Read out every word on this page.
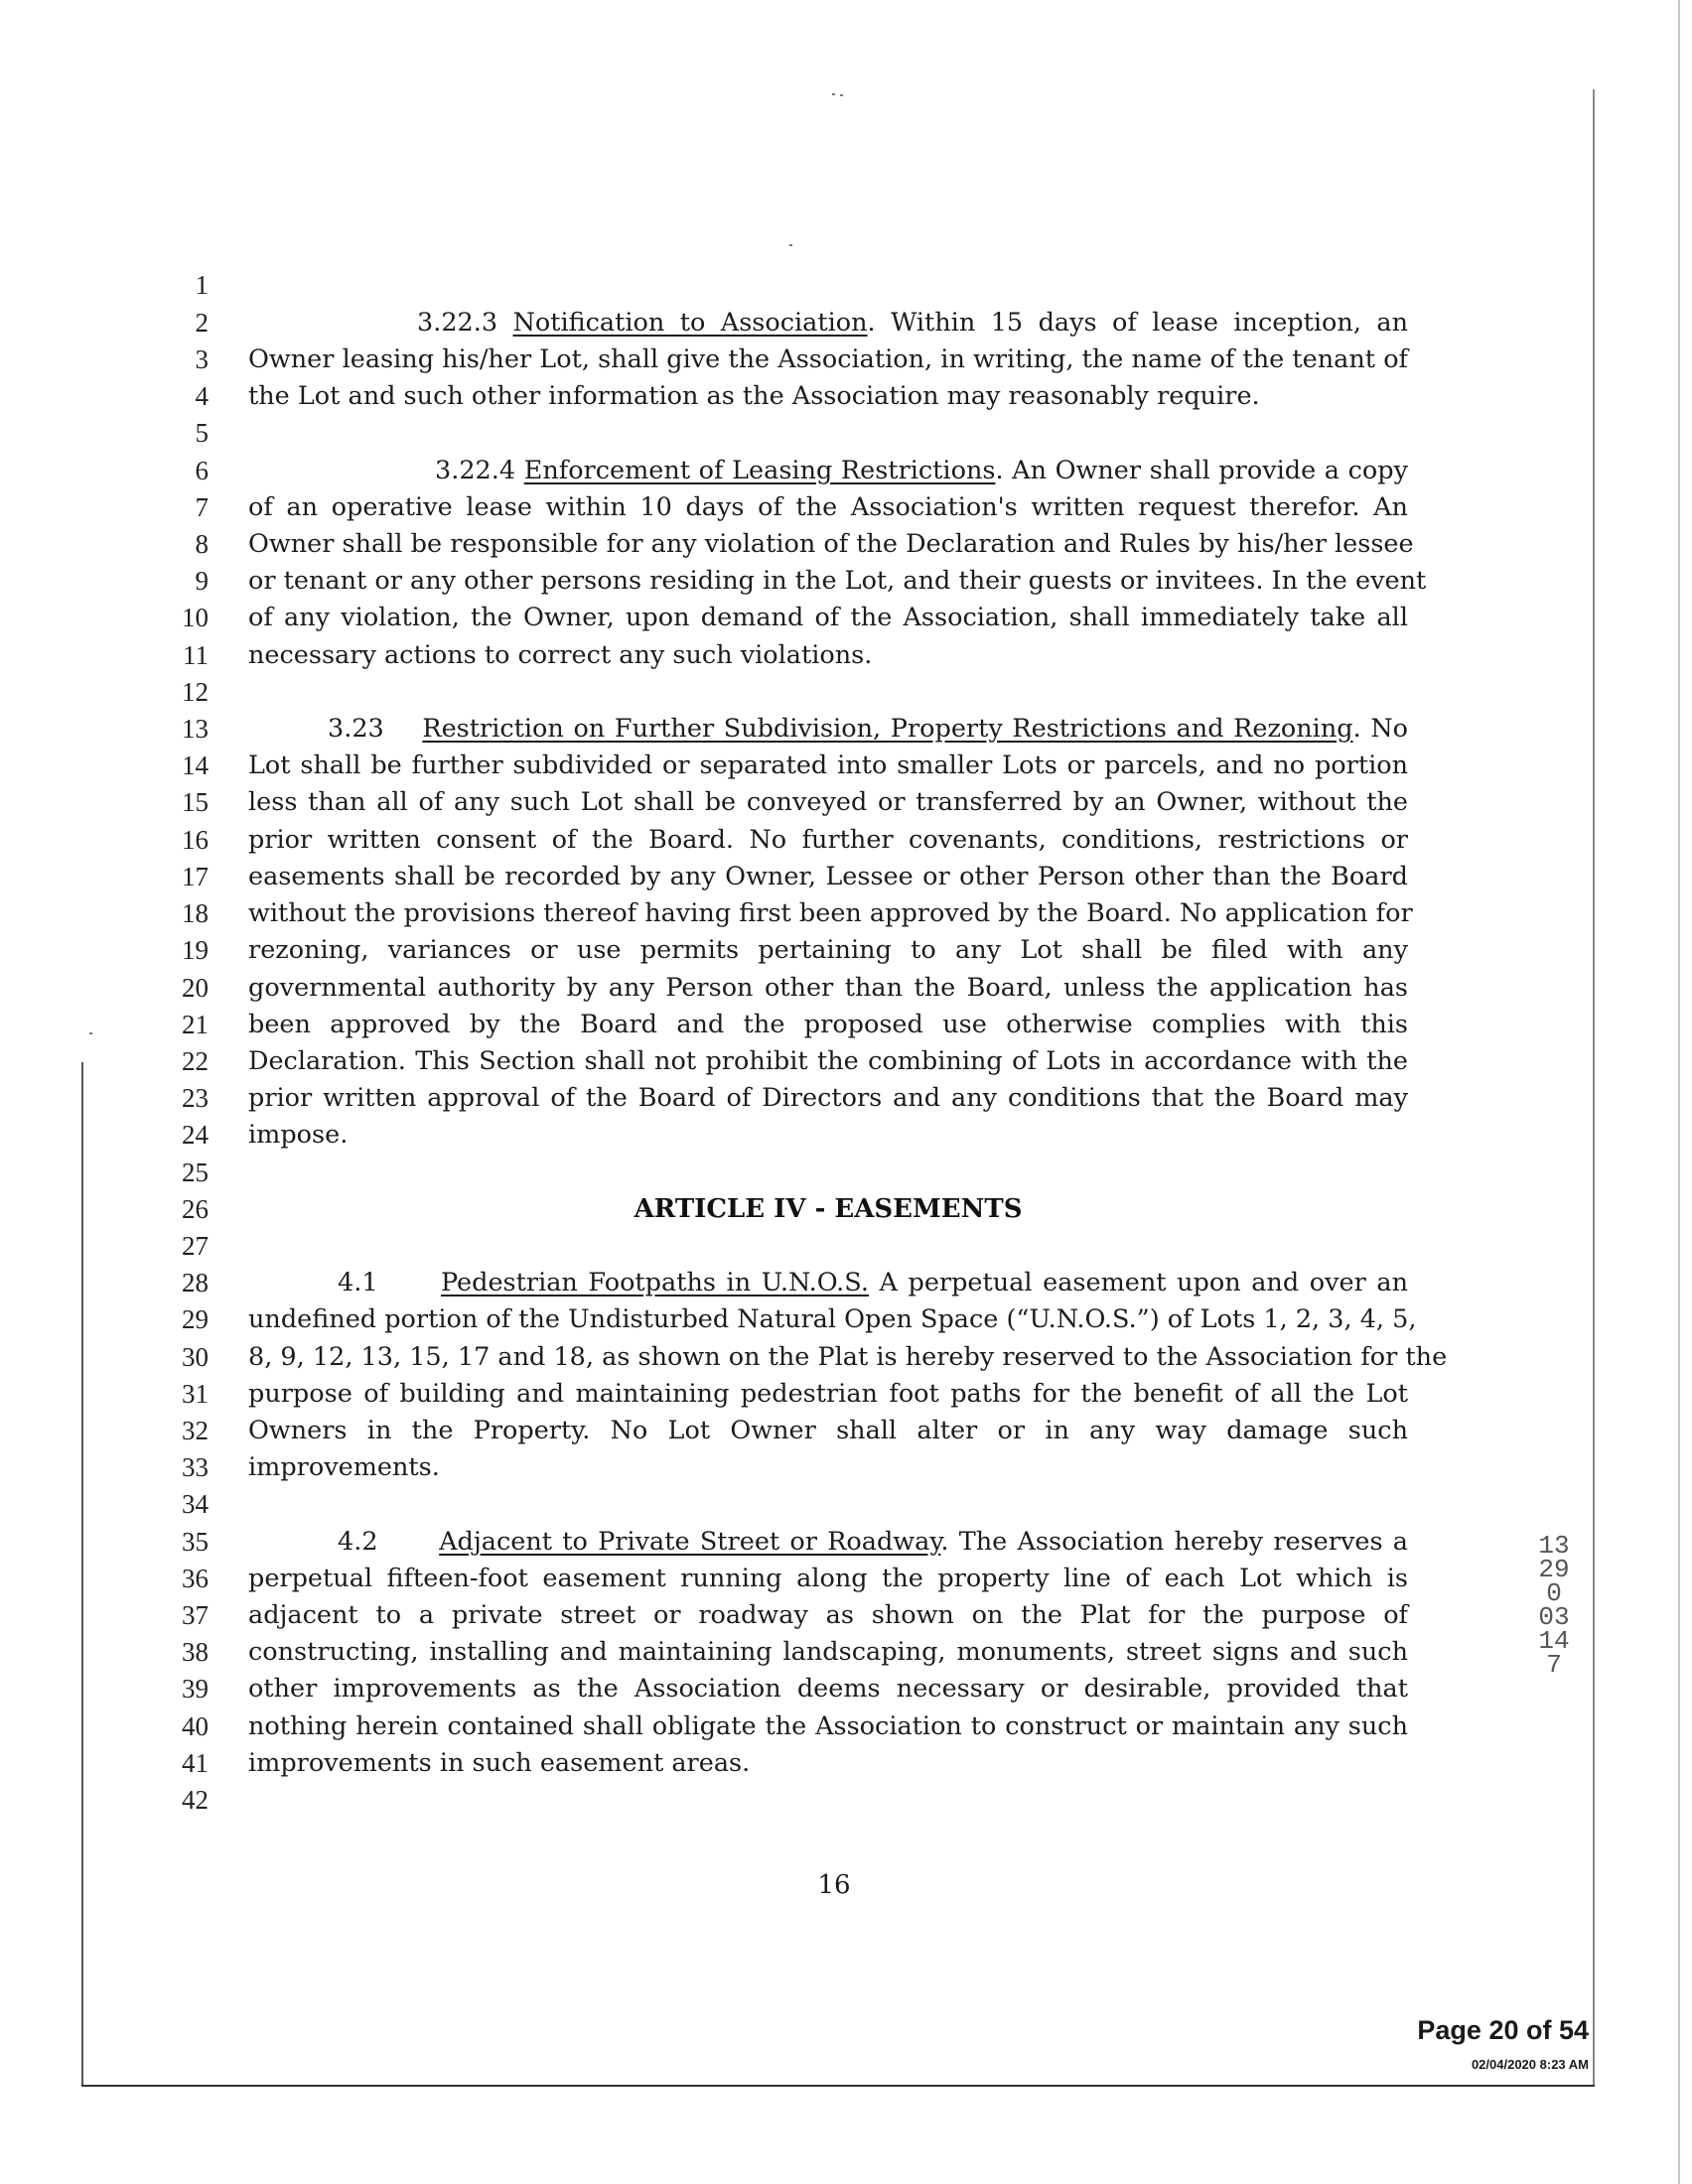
1
2
3
4
5
6
7
8
9
10
11
12
13
14
15
16
17
18
19
20
21
22
23
24
25
26
27
28
29
30
31
32
33
34
35
36
37
38
39
40
41
42
3.22.3 Notification to Association. Within 15 days of lease inception, an
Owner leasing his/her Lot, shall give the Association, in writing, the name of the tenant of
the Lot and such other information as the Association may reasonably require.
3.22.4 Enforcement of Leasing Restrictions. An Owner shall provide a copy
of an operative lease within 10 days of the Association's written request therefor. An
Owner shall be responsible for any violation of the Declaration and Rules by his/her lessee
or tenant or any other persons residing in the Lot, and their guests or invitees. In the event
of any violation, the Owner, upon demand of the Association, shall immediately take all
necessary actions to correct any such violations.
3.23 Restriction on Further Subdivision, Property Restrictions and Rezoning. No
Lot shall be further subdivided or separated into smaller Lots or parcels, and no portion
less than all of any such Lot shall be conveyed or transferred by an Owner, without the
prior written consent of the Board. No further covenants, conditions, restrictions or
easements shall be recorded by any Owner, Lessee or other Person other than the Board
without the provisions thereof having first been approved by the Board. No application for
rezoning, variances or use permits pertaining to any Lot shall be filed with any
governmental authority by any Person other than the Board, unless the application has
been approved by the Board and the proposed use otherwise complies with this
Declaration. This Section shall not prohibit the combining of Lots in accordance with the
prior written approval of the Board of Directors and any conditions that the Board may
impose.
ARTICLE IV - EASEMENTS
4.1 Pedestrian Footpaths in U.N.O.S. A perpetual easement upon and over an
undefined portion of the Undisturbed Natural Open Space (“U.N.O.S.”) of Lots 1, 2, 3, 4, 5,
8, 9, 12, 13, 15, 17 and 18, as shown on the Plat is hereby reserved to the Association for the
purpose of building and maintaining pedestrian foot paths for the benefit of all the Lot
Owners in the Property. No Lot Owner shall alter or in any way damage such
improvements.
4.2 Adjacent to Private Street or Roadway. The Association hereby reserves a
perpetual fifteen-foot easement running along the property line of each Lot which is
adjacent to a private street or roadway as shown on the Plat for the purpose of
constructing, installing and maintaining landscaping, monuments, street signs and such
other improvements as the Association deems necessary or desirable, provided that
nothing herein contained shall obligate the Association to construct or maintain any such
improvements in such easement areas.
13290 03147
16
Page 20 of 54
02/04/2020 8:23 AM
